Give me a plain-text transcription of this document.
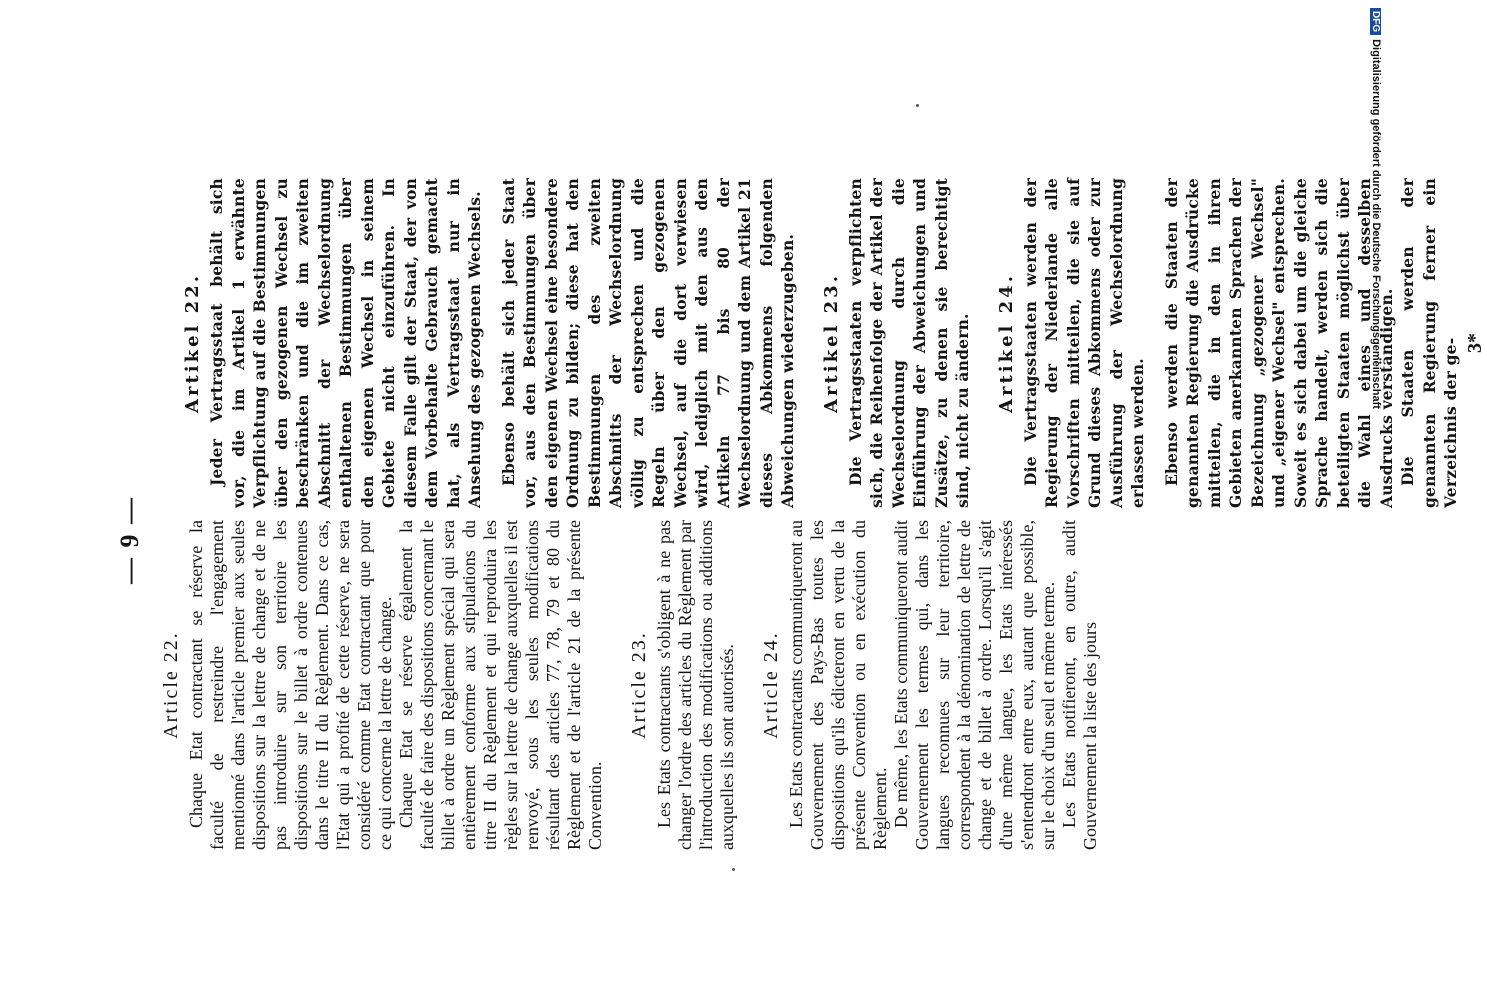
— 9 —
Article 22. Chaque Etat contractant se réserve la faculté de restreindre l'engagement mentionné dans l'article premier aux seules dispositions sur la lettre de change et de ne pas introduire sur son territoire les dispositions sur le billet à ordre contenues dans le titre II du Règlement. Dans ce cas, l'Etat qui a profité de cette réserve, ne sera considéré comme Etat contractant que pour ce qui concerne la lettre de change. Chaque Etat se réserve également la faculté de faire des dispositions concernant le billet à ordre un Règlement spécial qui sera entièrement conforme aux stipulations du titre II du Règlement et qui reproduira les règles sur la lettre de change auxquelles il est renvoyé, sous les seules modifications résultant des articles 77, 78, 79 et 80 du Règlement et de l'article 21 de la présente Convention.

Article 23. Les Etats contractants s'obligent à ne pas changer l'ordre des articles du Règlement par l'introduction des modifications ou additions auxquelles ils sont autorisés. Article 24. Les Etats contractants communiqueront au Gouvernement des Pays-Bas toutes les dispositions qu'ils édicteront en vertu de la présente Convention ou en exécution du Règlement. De même, les Etats communiqueront audit Gouvernement les termes qui, dans les langues reconnues sur leur territoire, correspondent à la dénomination de lettre de change et de billet à ordre. Lorsqu'il s'agit d'une même langue, les Etats intéressés s'entendront entre eux, autant que possible, sur le choix d'un seul et même terme. Les Etats notifieront, en outre, audit Gouvernement la liste des jours

Artikel 22. Jeder Vertragsstaat behält sich vor, die im Artikel 1 erwähnte Verpflichtung auf die Bestimmungen über den gezogenen Wechsel zu beschränken und die im zweiten Abschnitt der Wechselordnung enthaltenen Bestimmungen über den eigenen Wechsel in seinem Gebiete nicht einzuführen. In diesem Falle gilt der Staat, der von dem Vorbehalte Gebrauch gemacht hat, als Vertragsstaat nur in Ansehung des gezogenen Wechsels. Ebenso behält sich jeder Staat vor, aus den Bestimmungen über den eigenen Wechsel eine besondere Ordnung zu bilden; diese hat den Bestimmungen des zweiten Abschnitts der Wechselordnung völlig zu entsprechen und die Regeln über den gezogenen Wechsel, auf die dort verwiesen wird, lediglich mit den aus den Artikeln 77 bis 80 der Wechselordnung und dem Artikel 21 dieses Abkommens folgenden Abweichungen wiederzugeben. Artikel 23. Die Vertragsstaaten verpflichten sich, die Reihenfolge der Artikel der Wechselordnung durch die Einführung der Abweichungen und Zusätze, zu denen sie berechtigt sind, nicht zu ändern. Artikel 24. Die Vertragsstaaten werden der Regierung der Niederlande alle Vorschriften mitteilen, die sie auf Grund dieses Abkommens oder zur Ausführung der Wechselordnung erlassen werden. Ebenso werden die Staaten der genannten Regierung die Ausdrücke mitteilen, die in den in ihren Gebieten anerkannten Sprachen der Bezeichnung „gezogener Wechsel" und „eigener Wechsel" entsprechen. Soweit es sich dabei um die gleiche Sprache handelt, werden sich die beteiligten Staaten möglichst über die Wahl eines und desselben Ausdrucks verständigen. Die Staaten werden der genannten Regierung ferner ein Verzeichnis der ge- 3*
DFGDigitalisierung gefördert durch die Deutsche Forschungsgemeinschaft
